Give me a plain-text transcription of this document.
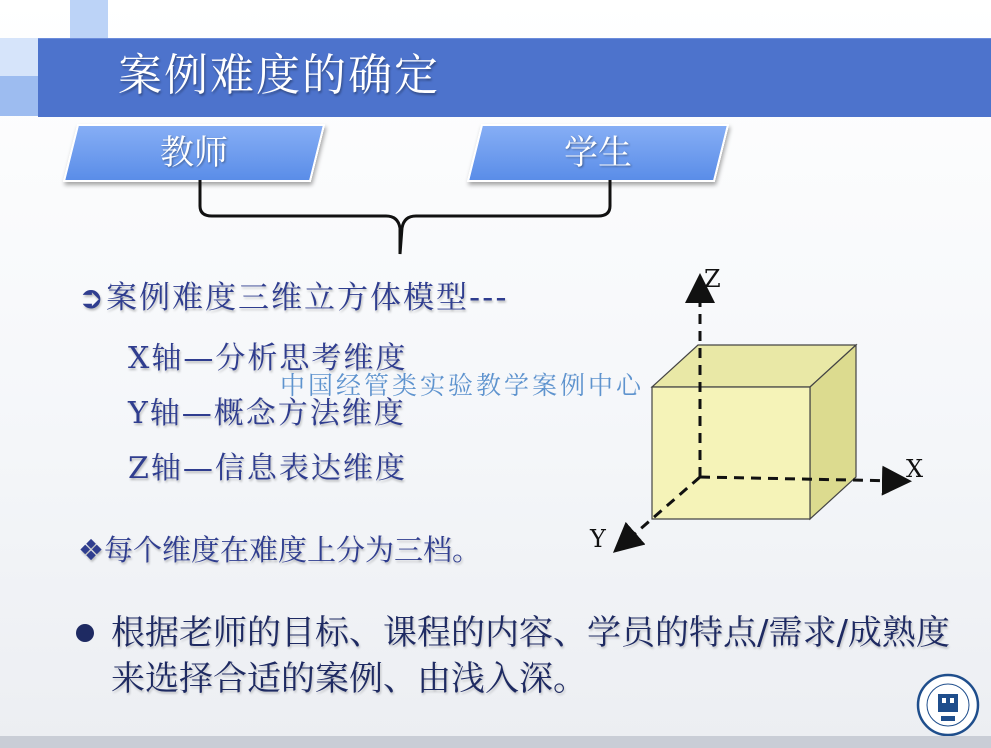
案例难度的确定
教师	学生
➲案例难度三维立方体模型---
X轴—分析思考维度
Y轴—概念方法维度
Z轴—信息表达维度
中国经管类实验教学案例中心
❖每个维度在难度上分为三档。
Z
X
Y
根据老师的目标、课程的内容、学员的特点/需求/成熟度来选择合适的案例、由浅入深。
